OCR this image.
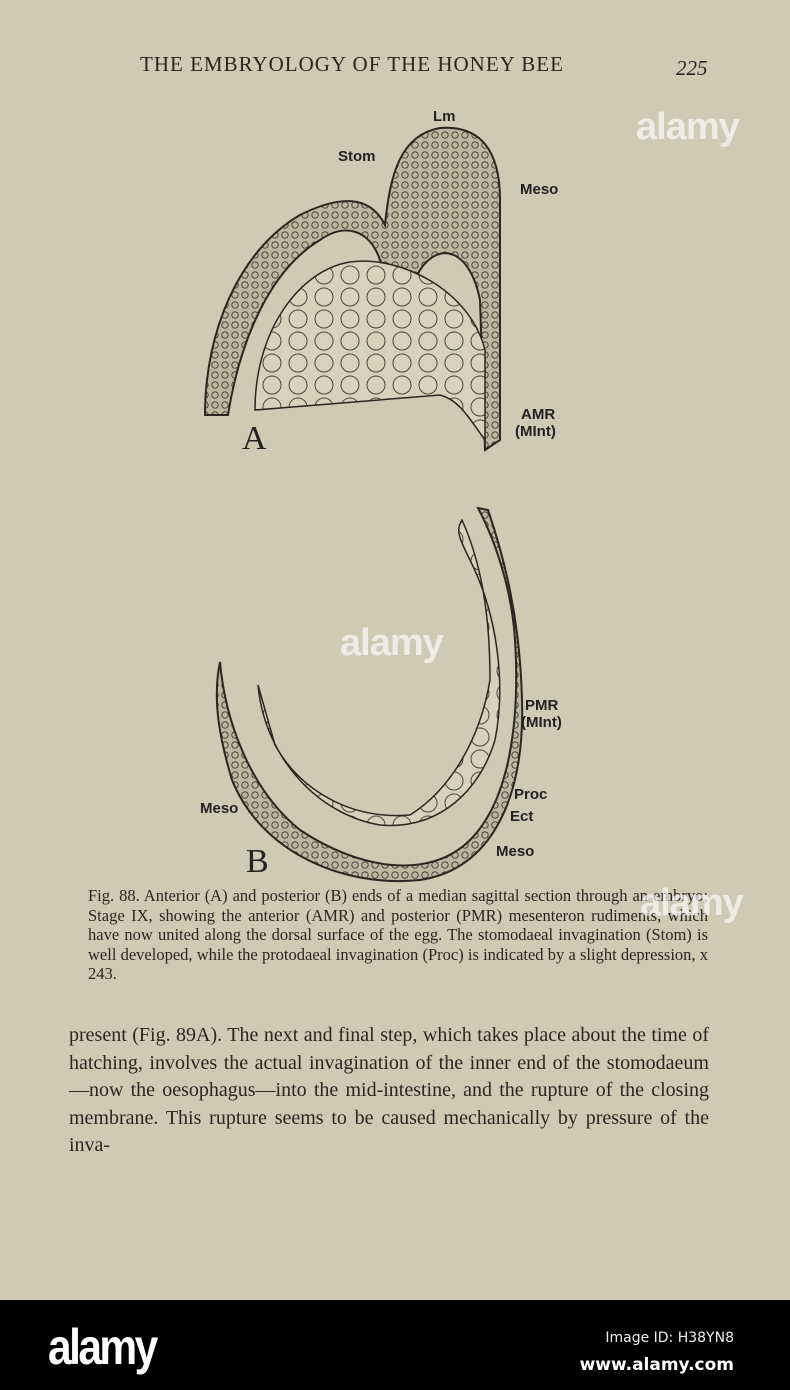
THE EMBRYOLOGY OF THE HONEY BEE	225
Lm
Stom
Meso
AMR
(MInt)
A
PMR
(MInt)
Proc
Ect
Meso
Meso
B
Fig. 88. Anterior (A) and posterior (B) ends of a median sagittal section through an embryo; Stage IX, showing the anterior (AMR) and posterior (PMR) mesenteron rudiments, which have now united along the dorsal surface of the egg. The stomodaeal invagination (Stom) is well developed, while the protodaeal invagination (Proc) is indicated by a slight depression, x 243.
present (Fig. 89A). The next and final step, which takes place about the time of hatching, involves the actual invagination of the inner end of the stomodaeum—now the oesophagus—into the mid-intestine, and the rupture of the closing membrane. This rupture seems to be caused mechanically by pressure of the inva-
alamy
alamy
alamy
alamy	Image ID: H38YN8
www.alamy.com
